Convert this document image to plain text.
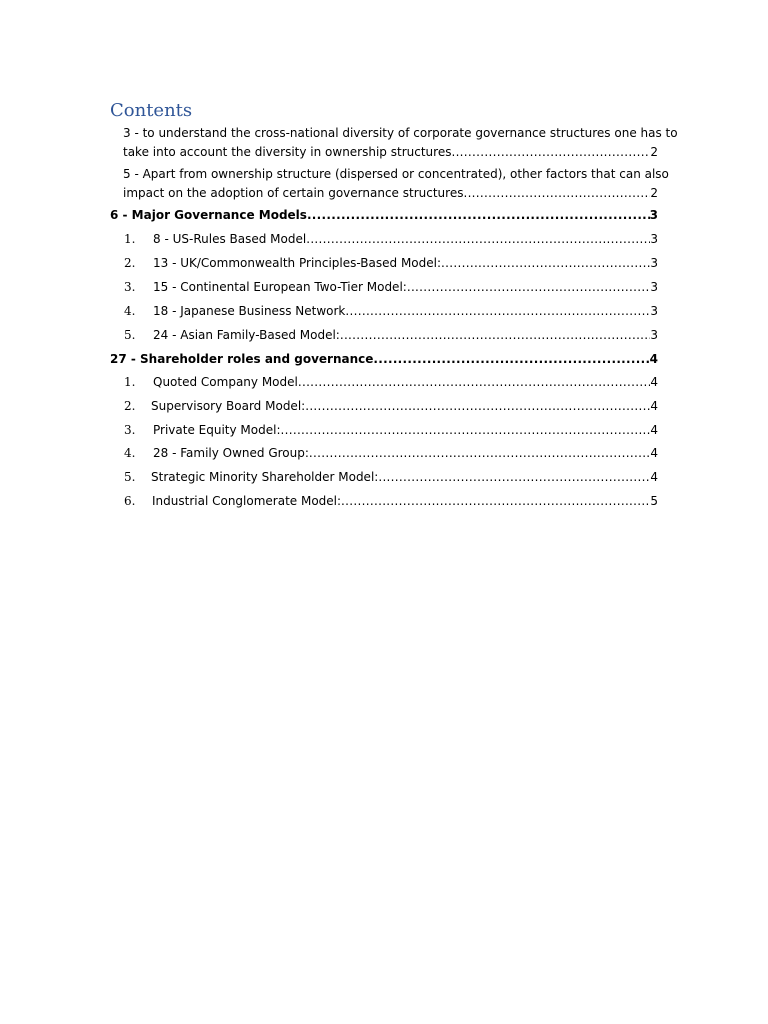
Contents
3 - to understand the cross-national diversity of corporate governance structures one has to
take into account the diversity in ownership structures .....	2
5 - Apart from ownership structure (dispersed or concentrated), other factors that can also
impact on the adoption of certain governance structures .....	2
6 - Major Governance Models .....	3
1. 8 - US-Rules Based Model .....	3
2. 13 - UK/Commonwealth Principles-Based Model: .....	3
3. 15 - Continental European Two-Tier Model: .....	3
4. 18 - Japanese Business Network .....	3
5. 24 - Asian Family-Based Model: .....	3
27 - Shareholder roles and governance .....	4
1. Quoted Company Model .....	4
2. Supervisory Board Model: .....	4
3. Private Equity Model: .....	4
4. 28 - Family Owned Group: .....	4
5. Strategic Minority Shareholder Model: .....	4
6. Industrial Conglomerate Model: .....	5
